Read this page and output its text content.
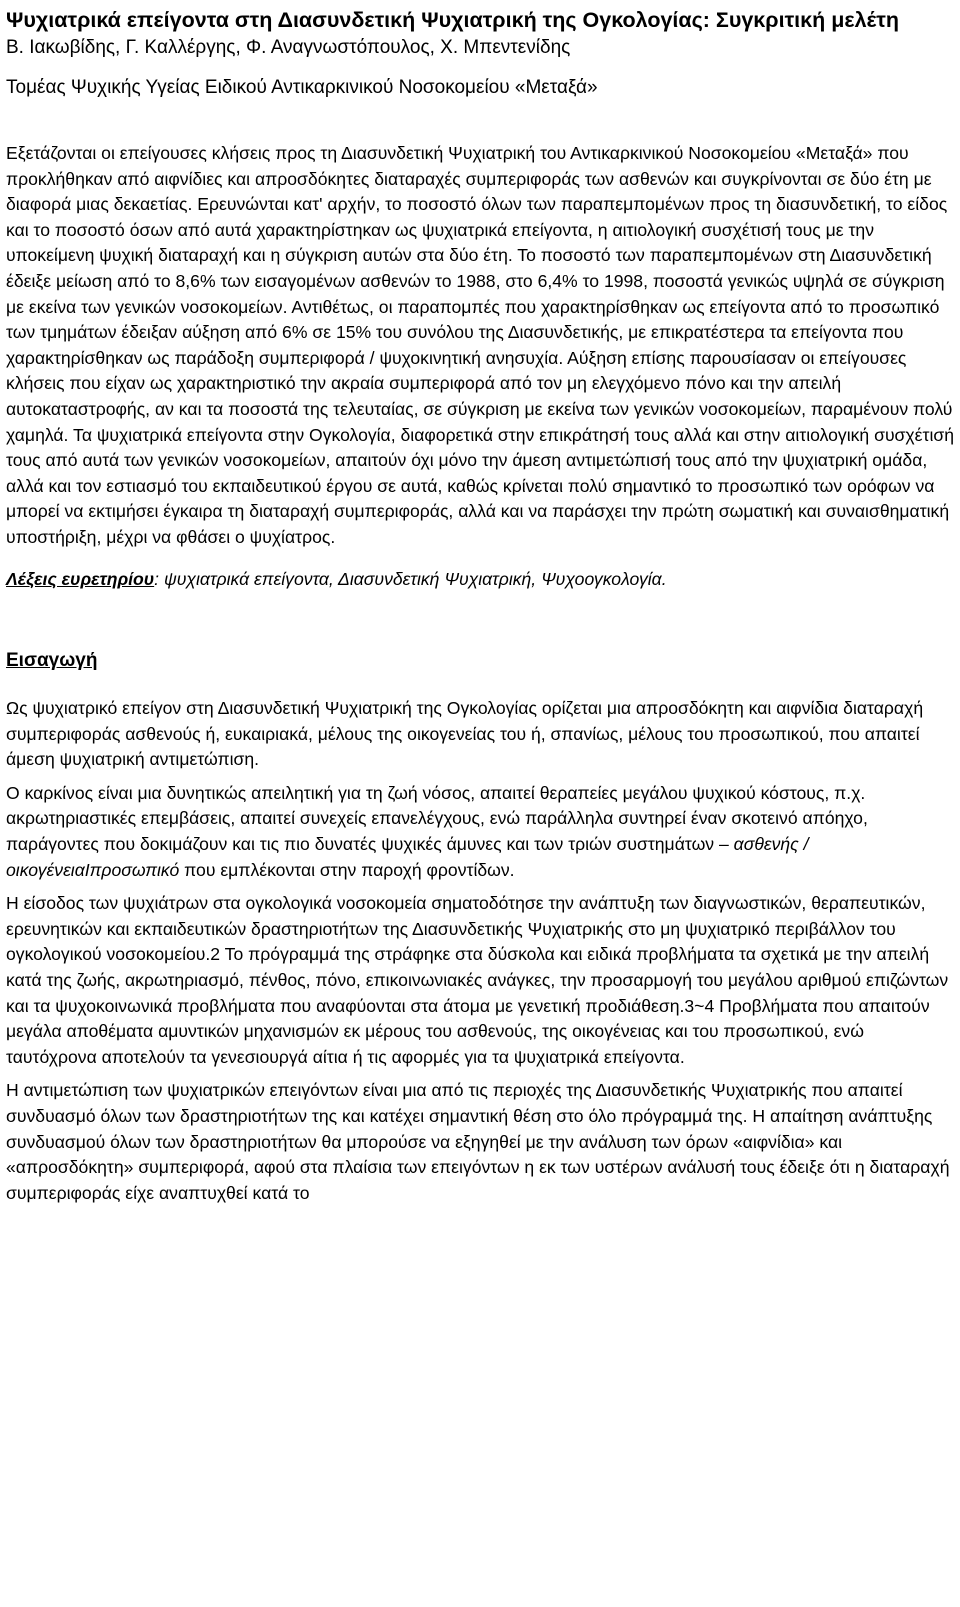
Ψυχιατρικά επείγοντα στη Διασυνδετική Ψυχιατρική της Ογκολογίας: Συγκριτική μελέτη
Β. Ιακωβίδης, Γ. Καλλέργης, Φ. Αναγνωστόπουλος, Χ. Μπεντενίδης
Τομέας Ψυχικής Υγείας Ειδικού Αντικαρκινικού Νοσοκομείου «Μεταξά»

Εξετάζονται οι επείγουσες κλήσεις προς τη Διασυνδετική Ψυχιατρική του Αντικαρκινικού Νοσοκομείου «Μεταξά» που προκλήθηκαν από αιφνίδιες και απροσδόκητες διαταραχές συμπεριφοράς των ασθενών και συγκρίνονται σε δύο έτη με διαφορά μιας δεκαετίας. Ερευνώνται κατ' αρχήν, το ποσοστό όλων των παραπεμπομένων προς τη διασυνδετική, το είδος και το ποσοστό όσων από αυτά χαρακτηρίστηκαν ως ψυχιατρικά επείγοντα, η αιτιολογική συσχέτισή τους με την υποκείμενη ψυχική διαταραχή και η σύγκριση αυτών στα δύο έτη. Το ποσοστό των παραπεμπομένων στη Διασυνδετική έδειξε μείωση από το 8,6% των εισαγομένων ασθενών το 1988, στο 6,4% το 1998, ποσοστά γενικώς υψηλά σε σύγκριση με εκείνα των γενικών νοσοκομείων. Αντιθέτως, οι παραπομπές που χαρακτηρίσθηκαν ως επείγοντα από το προσωπικό των τμημάτων έδειξαν αύξηση από 6% σε 15% του συνόλου της Διασυνδετικής, με επικρατέστερα τα επείγοντα που χαρακτηρίσθηκαν ως παράδοξη συμπεριφορά / ψυχοκινητική ανησυχία. Αύξηση επίσης παρουσίασαν οι επείγουσες κλήσεις που είχαν ως χαρακτηριστικό την ακραία συμπεριφορά από τον μη ελεγχόμενο πόνο και την απειλή αυτοκαταστροφής, αν και τα ποσοστά της τελευταίας, σε σύγκριση με εκείνα των γενικών νοσοκομείων, παραμένουν πολύ χαμηλά. Τα ψυχιατρικά επείγοντα στην Ογκολογία, διαφορετικά στην επικράτησή τους αλλά και στην αιτιολογική συσχέτισή τους από αυτά των γενικών νοσοκομείων, απαιτούν όχι μόνο την άμεση αντιμετώπισή τους από την ψυχιατρική ομάδα, αλλά και τον εστιασμό του εκπαιδευτικού έργου σε αυτά, καθώς κρίνεται πολύ σημαντικό το προσωπικό των ορόφων να μπορεί να εκτιμήσει έγκαιρα τη διαταραχή συμπεριφοράς, αλλά και να παράσχει την πρώτη σωματική και συναισθηματική υποστήριξη, μέχρι να φθάσει ο ψυχίατρος.

Λέξεις ευρετηρίου: ψυχιατρικά επείγοντα, Διασυνδετική Ψυχιατρική, Ψυχοογκολογία.

Εισαγωγή

Ως ψυχιατρικό επείγον στη Διασυνδετική Ψυχιατρική της Ογκολογίας ορίζεται μια απροσδόκητη και αιφνίδια διαταραχή συμπεριφοράς ασθενούς ή, ευκαιριακά, μέλους της οικογενείας του ή, σπανίως, μέλους του προσωπικού, που απαιτεί άμεση ψυχιατρική αντιμετώπιση.

Ο καρκίνος είναι μια δυνητικώς απειλητική για τη ζωή νόσος, απαιτεί θεραπείες μεγάλου ψυχικού κόστους, π.χ. ακρωτηριαστικές επεμβάσεις, απαιτεί συνεχείς επανελέγχους, ενώ παράλληλα συντηρεί έναν σκοτεινό απόηχο, παράγοντες που δοκιμάζουν και τις πιο δυνατές ψυχικές άμυνες και των τριών συστημάτων – ασθενής / οικογένειαΙπροσωπικό που εμπλέκονται στην παροχή φροντίδων.

Η είσοδος των ψυχιάτρων στα ογκολογικά νοσοκομεία σηματοδότησε την ανάπτυξη των διαγνωστικών, θεραπευτικών, ερευνητικών και εκπαιδευτικών δραστηριοτήτων της Διασυνδετικής Ψυχιατρικής στο μη ψυχιατρικό περιβάλλον του ογκολογικού νοσοκομείου.2 Το πρόγραμμά της στράφηκε στα δύσκολα και ειδικά προβλήματα τα σχετικά με την απειλή κατά της ζωής, ακρωτηριασμό, πένθος, πόνο, επικοινωνιακές ανάγκες, την προσαρμογή του μεγάλου αριθμού επιζώντων και τα ψυχοκοινωνικά προβλήματα που αναφύονται στα άτομα με γενετική προδιάθεση.3~4 Προβλήματα που απαιτούν μεγάλα αποθέματα αμυντικών μηχανισμών εκ μέρους του ασθενούς, της οικογένειας και του προσωπικού, ενώ ταυτόχρονα αποτελούν τα γενεσιουργά αίτια ή τις αφορμές για τα ψυχιατρικά επείγοντα.

Η αντιμετώπιση των ψυχιατρικών επειγόντων είναι μια από τις περιοχές της Διασυνδετικής Ψυχιατρικής που απαιτεί συνδυασμό όλων των δραστηριοτήτων της και κατέχει σημαντική θέση στο όλο πρόγραμμά της. Η απαίτηση ανάπτυξης συνδυασμού όλων των δραστηριοτήτων θα μπορούσε να εξηγηθεί με την ανάλυση των όρων «αιφνίδια» και «απροσδόκητη» συμπεριφορά, αφού στα πλαίσια των επειγόντων η εκ των υστέρων ανάλυσή τους έδειξε ότι η διαταραχή συμπεριφοράς είχε αναπτυχθεί κατά το
